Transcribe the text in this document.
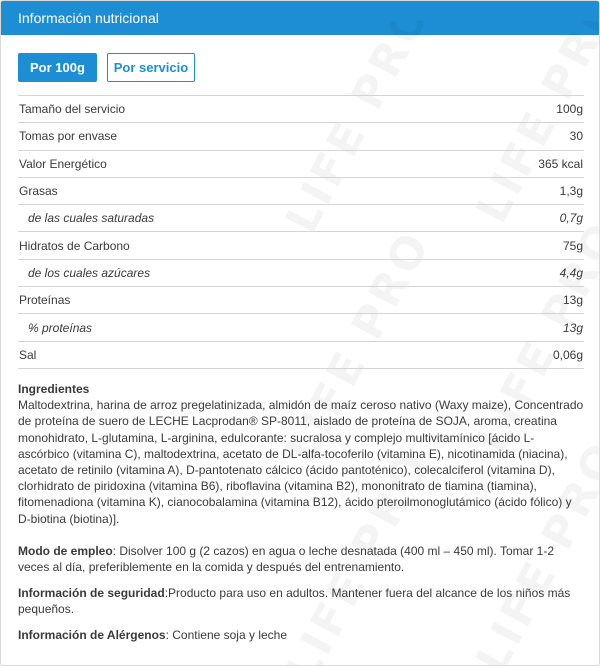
Información nutricional
Por 100g	Por servicio
Tamaño del servicio	100g
Tomas por envase	30
Valor Energético	365 kcal
Grasas	1,3g
de las cuales saturadas	0,7g
Hidratos de Carbono	75g
de los cuales azúcares	4,4g
Proteínas	13g
% proteínas	13g
Sal	0,06g
Ingredientes
Maltodextrina, harina de arroz pregelatinizada, almidón de maíz ceroso nativo (Waxy maize), Concentrado de proteína de suero de LECHE Lacprodan® SP-8011, aislado de proteína de SOJA, aroma, creatina monohidrato, L-glutamina, L-arginina, edulcorante: sucralosa y complejo multivitamínico [ácido L-ascórbico (vitamina C), maltodextrina, acetato de DL-alfa-tocoferilo (vitamina E), nicotinamida (niacina), acetato de retinilo (vitamina A), D-pantotenato cálcico (ácido pantoténico), colecalciferol (vitamina D), clorhidrato de piridoxina (vitamina B6), riboflavina (vitamina B2), mononitrato de tiamina (tiamina), fitomenadiona (vitamina K), cianocobalamina (vitamina B12), ácido pteroilmonoglutámico (ácido fólico) y D-biotina (biotina)].
Modo de empleo: Disolver 100 g (2 cazos) en agua o leche desnatada (400 ml – 450 ml). Tomar 1-2 veces al día, preferiblemente en la comida y después del entrenamiento.
Información de seguridad:Producto para uso en adultos. Mantener fuera del alcance de los niños más pequeños.
Información de Alérgenos: Contiene soja y leche
